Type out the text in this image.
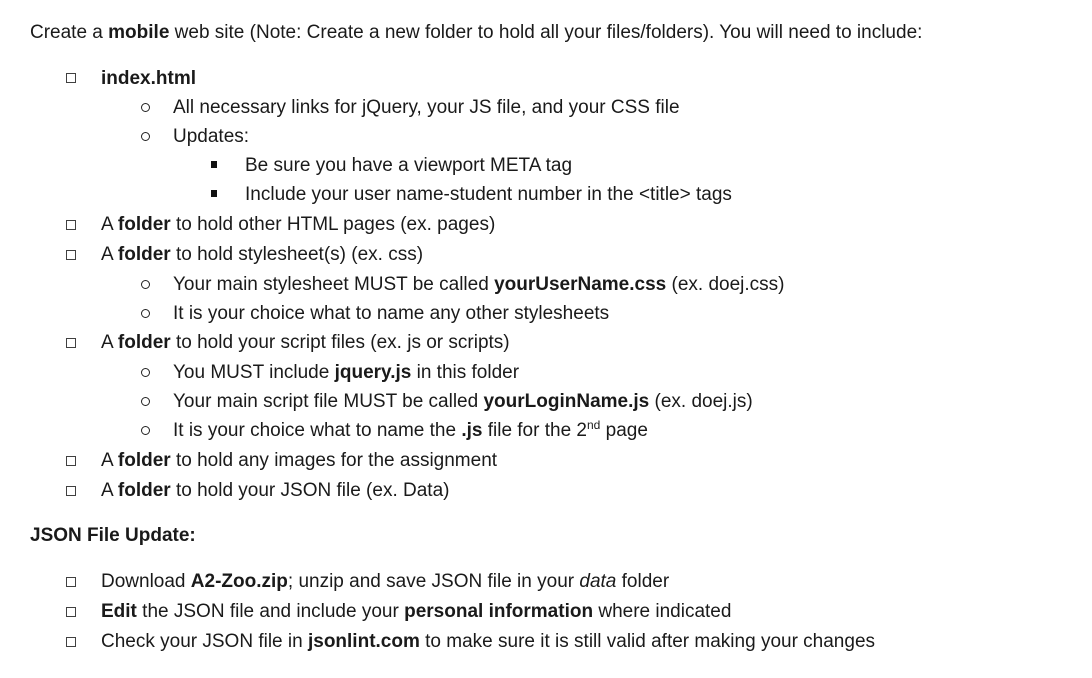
Create a mobile web site (Note: Create a new folder to hold all your files/folders). You will need to include:
index.html
All necessary links for jQuery, your JS file, and your CSS file
Updates:
Be sure you have a viewport META tag
Include your user name-student number in the <title> tags
A folder to hold other HTML pages (ex. pages)
A folder to hold stylesheet(s) (ex. css)
Your main stylesheet MUST be called yourUserName.css (ex. doej.css)
It is your choice what to name any other stylesheets
A folder to hold your script files (ex. js or scripts)
You MUST include jquery.js in this folder
Your main script file MUST be called yourLoginName.js (ex. doej.js)
It is your choice what to name the .js file for the 2nd page
A folder to hold any images for the assignment
A folder to hold your JSON file (ex. Data)
JSON File Update:
Download A2-Zoo.zip; unzip and save JSON file in your data folder
Edit the JSON file and include your personal information where indicated
Check your JSON file in jsonlint.com to make sure it is still valid after making your changes
